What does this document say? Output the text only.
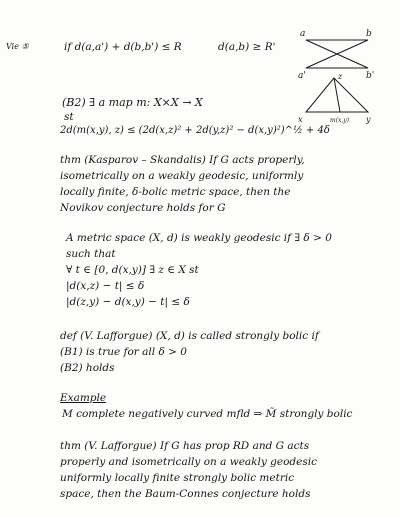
Vie ⑤	if d(a,a') + d(b,b') ≤ R	d(a,b) ≥ R'
a	b
a'	b'
(B2) ∃ a map m: X×X → X
st
2d(m(x,y), z) ≤ (2d(x,z)² + 2d(y,z)² − d(x,y)²)^½ + 4δ
z
x	m(x,y) y
thm (Kasparov – Skandalis) If G acts properly,
isometrically on a weakly geodesic, uniformly
locally finite, δ-bolic metric space, then the
Novikov conjecture holds for G
A metric space (X, d) is weakly geodesic if ∃ δ > 0
such that
∀ t ∈ [0, d(x,y)] ∃ z ∈ X st
|d(x,z) − t| ≤ δ
|d(z,y) − d(x,y) − t| ≤ δ
def (V. Lafforgue) (X, d) is called strongly bolic if
(B1) is true for all δ > 0
(B2) holds
Example
M complete negatively curved mfld ⇒ M̃ strongly bolic
thm (V. Lafforgue) If G has prop RD and G acts
properly and isometrically on a weakly geodesic
uniformly locally finite strongly bolic metric
space, then the Baum-Connes conjecture holds
